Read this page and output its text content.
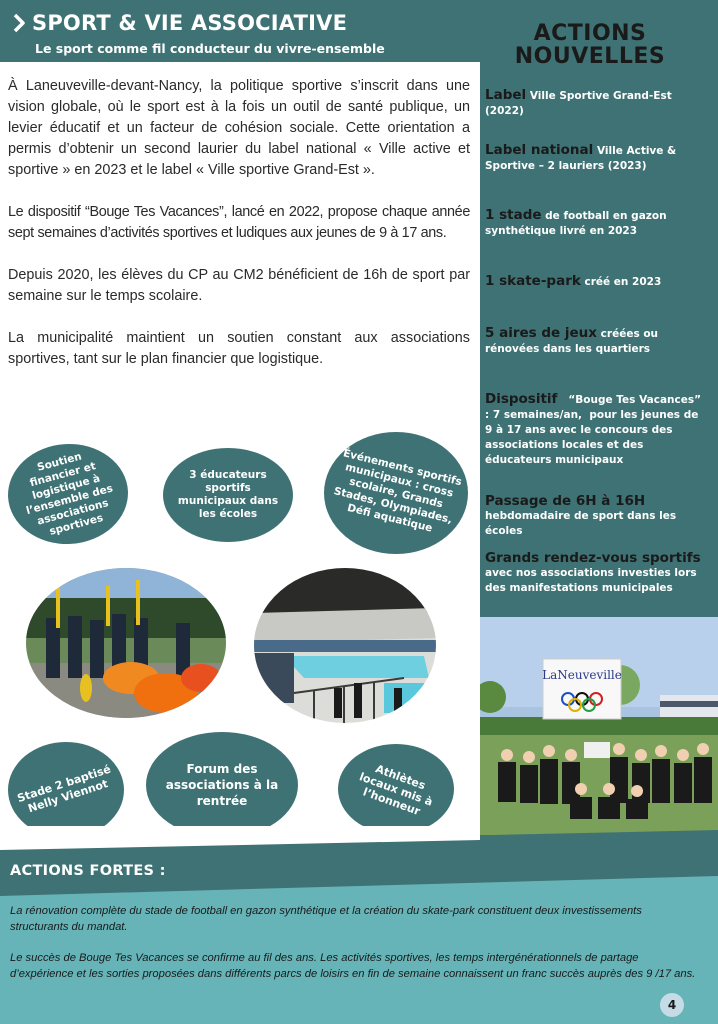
SPORT & VIE ASSOCIATIVE
Le sport comme fil conducteur du vivre-ensemble

À Laneuveville-devant-Nancy, la politique sportive s’inscrit dans une vision globale, où le sport est à la fois un outil de santé publique, un levier éducatif et un facteur de cohésion sociale. Cette orientation a permis d’obtenir un second laurier du label national « Ville active et sportive » en 2023 et le label « Ville sportive Grand-Est ».

Le dispositif “Bouge Tes Vacances”, lancé en 2022, propose chaque année sept semaines d’activités sportives et ludiques aux jeunes de 9 à 17 ans.

Depuis 2020, les élèves du CP au CM2 bénéficient de 16h de sport par semaine sur le temps scolaire.

La municipalité maintient un soutien constant aux associations sportives, tant sur le plan financier que logistique.

Soutien financier et logistique à l’ensemble des associations sportives
3 éducateurs sportifs municipaux dans les écoles
Événements sportifs municipaux : cross scolaire, Grands Stades, Olympiades, Défi aquatique
Stade 2 baptisé Nelly Viennot
Forum des associations à la rentrée
Athlètes locaux mis à l’honneur
ACTIONS
NOUVELLES
Label Ville Sportive Grand-Est (2022)
Label national Ville Active & Sportive – 2 lauriers (2023)
1 stade de football en gazon synthétique livré en 2023
1 skate-park créé en 2023
5 aires de jeux créées ou rénovées dans les quartiers
Dispositif   “Bouge Tes Vacances” : 7 semaines/an,  pour les jeunes de 9 à 17 ans avec le concours des associations locales et des éducateurs municipaux
Passage de 6H à 16H
hebdomadaire de sport dans les écoles
Grands rendez-vous sportifs
avec nos associations investies lors des manifestations municipales
LaNeuveville
ACTIONS FORTES :
La rénovation complète du stade de football en gazon synthétique et la création du skate-park constituent deux investissements structurants du mandat.
Le succès de Bouge Tes Vacances se confirme au fil des ans. Les activités sportives, les temps intergénérationnels de partage d’expérience et les sorties proposées dans différents parcs de loisirs en fin de semaine connaissent un franc succès auprès des 9 /17 ans.
4
